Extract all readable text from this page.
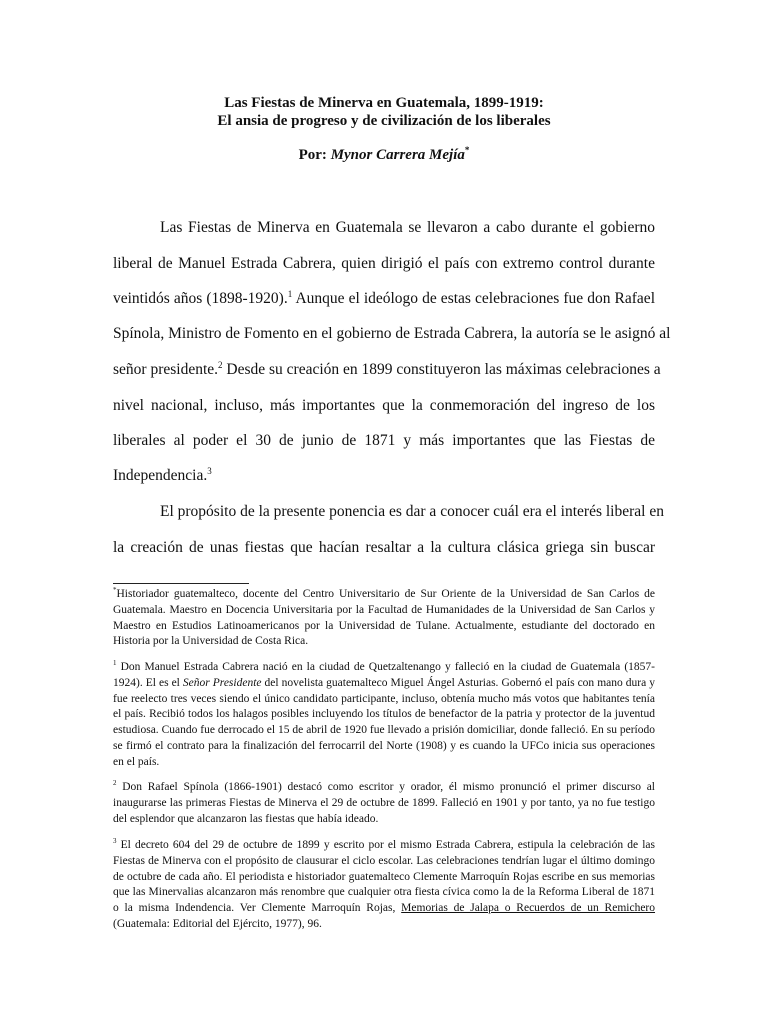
Las Fiestas de Minerva en Guatemala, 1899-1919:
El ansia de progreso y de civilización de los liberales
Por: Mynor Carrera Mejía*
Las Fiestas de Minerva en Guatemala se llevaron a cabo durante el gobierno
liberal de Manuel Estrada Cabrera, quien dirigió el país con extremo control durante
veintidós años (1898-1920).$^1$ Aunque el ideólogo de estas celebraciones fue don Rafael
Spínola, Ministro de Fomento en el gobierno de Estrada Cabrera, la autoría se le asignó al
señor presidente.$^2$ Desde su creación en 1899 constituyeron las máximas celebraciones a
nivel nacional, incluso, más importantes que la conmemoración del ingreso de los
liberales al poder el 30 de junio de 1871 y más importantes que las Fiestas de
Independencia.$^3$
El propósito de la presente ponencia es dar a conocer cuál era el interés liberal en
la creación de unas fiestas que hacían resaltar a la cultura clásica griega sin buscar
*Historiador guatemalteco, docente del Centro Universitario de Sur Oriente de la Universidad de San Carlos de Guatemala. Maestro en Docencia Universitaria por la Facultad de Humanidades de la Universidad de San Carlos y Maestro en Estudios Latinoamericanos por la Universidad de Tulane. Actualmente, estudiante del doctorado en Historia por la Universidad de Costa Rica.
$^1$ Don Manuel Estrada Cabrera nació en la ciudad de Quetzaltenango y falleció en la ciudad de Guatemala (1857-1924). El es el Señor Presidente del novelista guatemalteco Miguel Ángel Asturias. Gobernó el país con mano dura y fue reelecto tres veces siendo el único candidato participante, incluso, obtenía mucho más votos que habitantes tenía el país. Recibió todos los halagos posibles incluyendo los títulos de benefactor de la patria y protector de la juventud estudiosa. Cuando fue derrocado el 15 de abril de 1920 fue llevado a prisión domiciliar, donde falleció. En su período se firmó el contrato para la finalización del ferrocarril del Norte (1908) y es cuando la UFCo inicia sus operaciones en el país.
$^2$ Don Rafael Spínola (1866-1901) destacó como escritor y orador, él mismo pronunció el primer discurso al inaugurarse las primeras Fiestas de Minerva el 29 de octubre de 1899. Falleció en 1901 y por tanto, ya no fue testigo del esplendor que alcanzaron las fiestas que había ideado.
$^3$ El decreto 604 del 29 de octubre de 1899 y escrito por el mismo Estrada Cabrera, estipula la celebración de las Fiestas de Minerva con el propósito de clausurar el ciclo escolar. Las celebraciones tendrían lugar el último domingo de octubre de cada año. El periodista e historiador guatemalteco Clemente Marroquín Rojas escribe en sus memorias que las Minervalias alcanzaron más renombre que cualquier otra fiesta cívica como la de la Reforma Liberal de 1871 o la misma Indendencia. Ver Clemente Marroquín Rojas, Memorias de Jalapa o Recuerdos de un Remichero (Guatemala: Editorial del Ejército, 1977), 96.
